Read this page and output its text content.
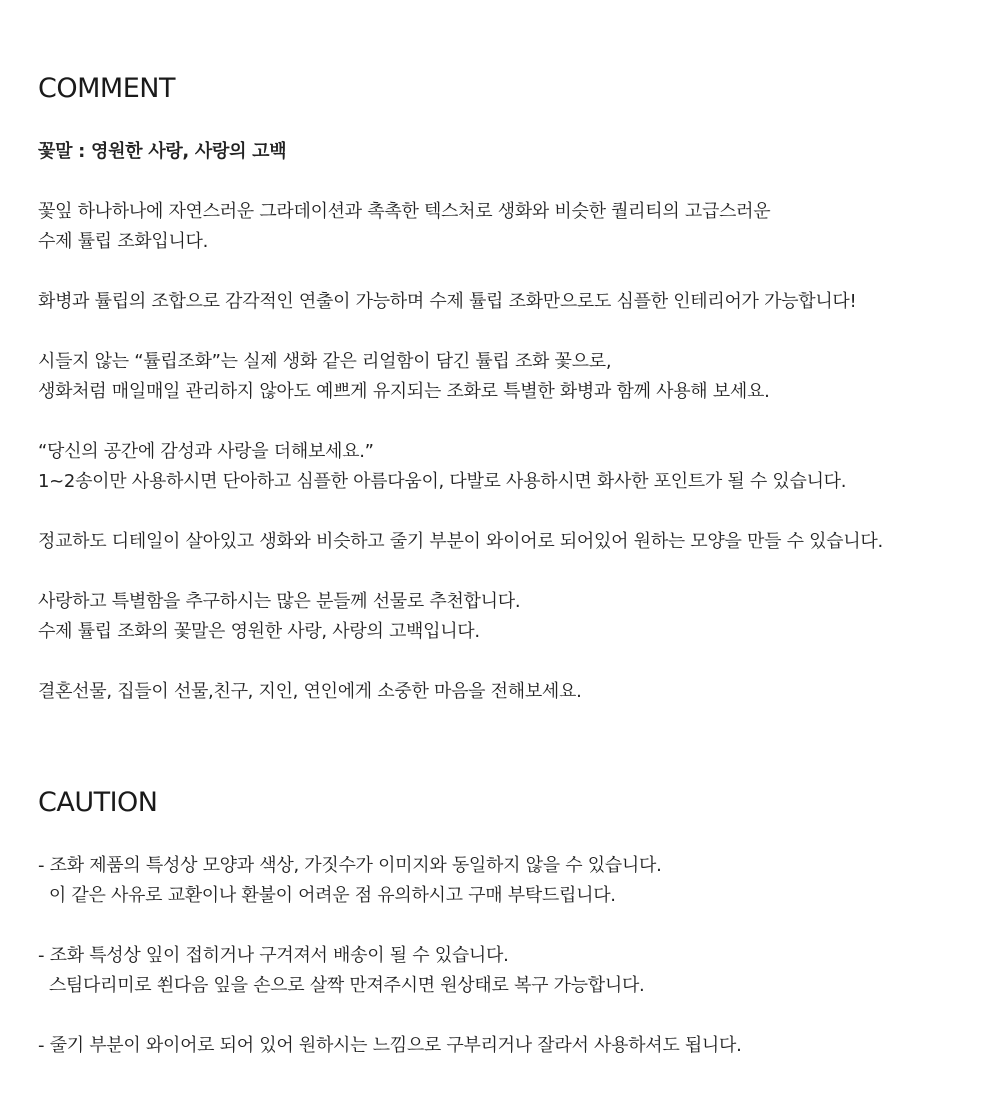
COMMENT
꽃말 : 영원한 사랑, 사랑의 고백
꽃잎 하나하나에 자연스러운 그라데이션과 촉촉한 텍스처로 생화와 비슷한 퀄리티의 고급스러운
수제 튤립 조화입니다.
화병과 튤립의 조합으로 감각적인 연출이 가능하며 수제 튤립 조화만으로도 심플한 인테리어가 가능합니다!
시들지 않는 “튤립조화”는 실제 생화 같은 리얼함이 담긴 튤립 조화 꽃으로,
생화처럼 매일매일 관리하지 않아도 예쁘게 유지되는 조화로 특별한 화병과 함께 사용해 보세요.
“당신의 공간에 감성과 사랑을 더해보세요.”
1~2송이만 사용하시면 단아하고 심플한 아름다움이, 다발로 사용하시면 화사한 포인트가 될 수 있습니다.
정교하도 디테일이 살아있고 생화와 비슷하고 줄기 부분이 와이어로 되어있어 원하는 모양을 만들 수 있습니다.
사랑하고 특별함을 추구하시는 많은 분들께 선물로 추천합니다.
수제 튤립 조화의 꽃말은 영원한 사랑, 사랑의 고백입니다.
결혼선물, 집들이 선물,친구, 지인, 연인에게 소중한 마음을 전해보세요.
CAUTION
- 조화 제품의 특성상 모양과 색상, 가짓수가 이미지와 동일하지 않을 수 있습니다.
이 같은 사유로 교환이나 환불이 어려운 점 유의하시고 구매 부탁드립니다.
- 조화 특성상 잎이 접히거나 구겨져서 배송이 될 수 있습니다.
스팀다리미로 쐰다음 잎을 손으로 살짝 만져주시면 원상태로 복구 가능합니다.
- 줄기 부분이 와이어로 되어 있어 원하시는 느낌으로 구부리거나 잘라서 사용하셔도 됩니다.
